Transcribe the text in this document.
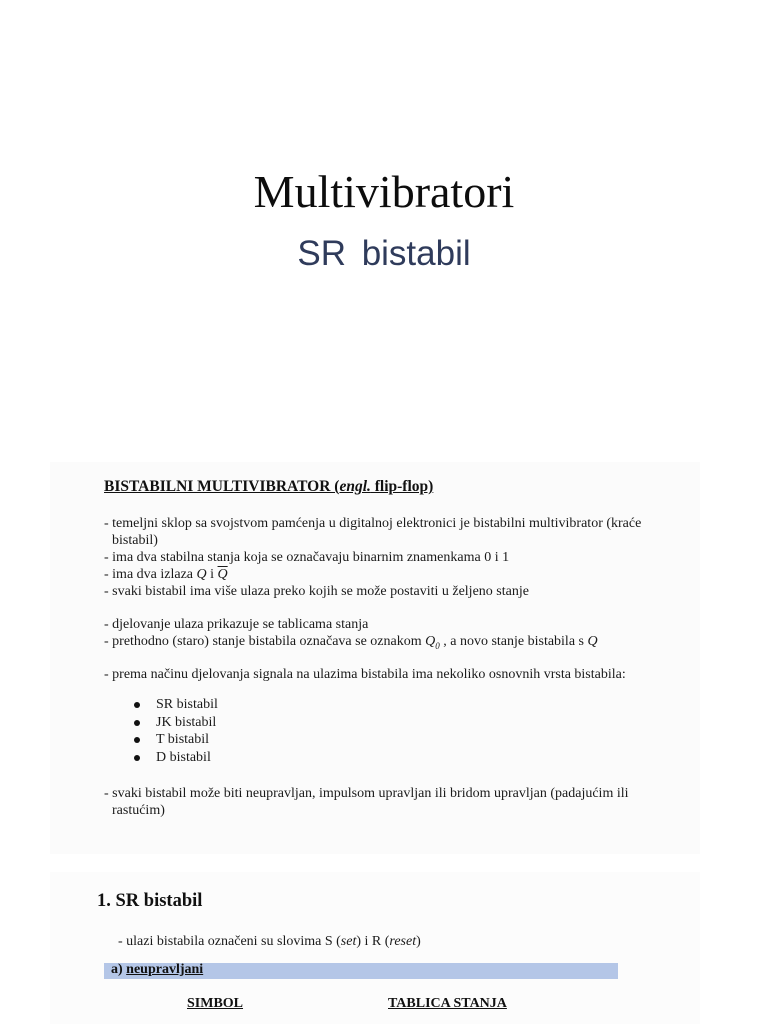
Multivibratori
SR bistabil
BISTABILNI MULTIVIBRATOR (engl. flip-flop)
- temeljni sklop sa svojstvom pamćenja u digitalnoj elektronici je bistabilni multivibrator (kraće
bistabil)
- ima dva stabilna stanja koja se označavaju binarnim znamenkama 0 i 1
- ima dva izlaza Q i $\overline{Q}$
- svaki bistabil ima više ulaza preko kojih se može postaviti u željeno stanje
- djelovanje ulaza prikazuje se tablicama stanja
- prethodno (staro) stanje bistabila označava se oznakom $Q_0$ , a novo stanje bistabila s Q
- prema načinu djelovanja signala na ulazima bistabila ima nekoliko osnovnih vrsta bistabila:
SR bistabil
JK bistabil
T bistabil
D bistabil
- svaki bistabil može biti neupravljan, impulsom upravljan ili bridom upravljan (padajućim ili
rastućim)
1. SR bistabil
- ulazi bistabila označeni su slovima S (set) i R (reset)
a) neupravljani
SIMBOL	TABLICA STANJA
